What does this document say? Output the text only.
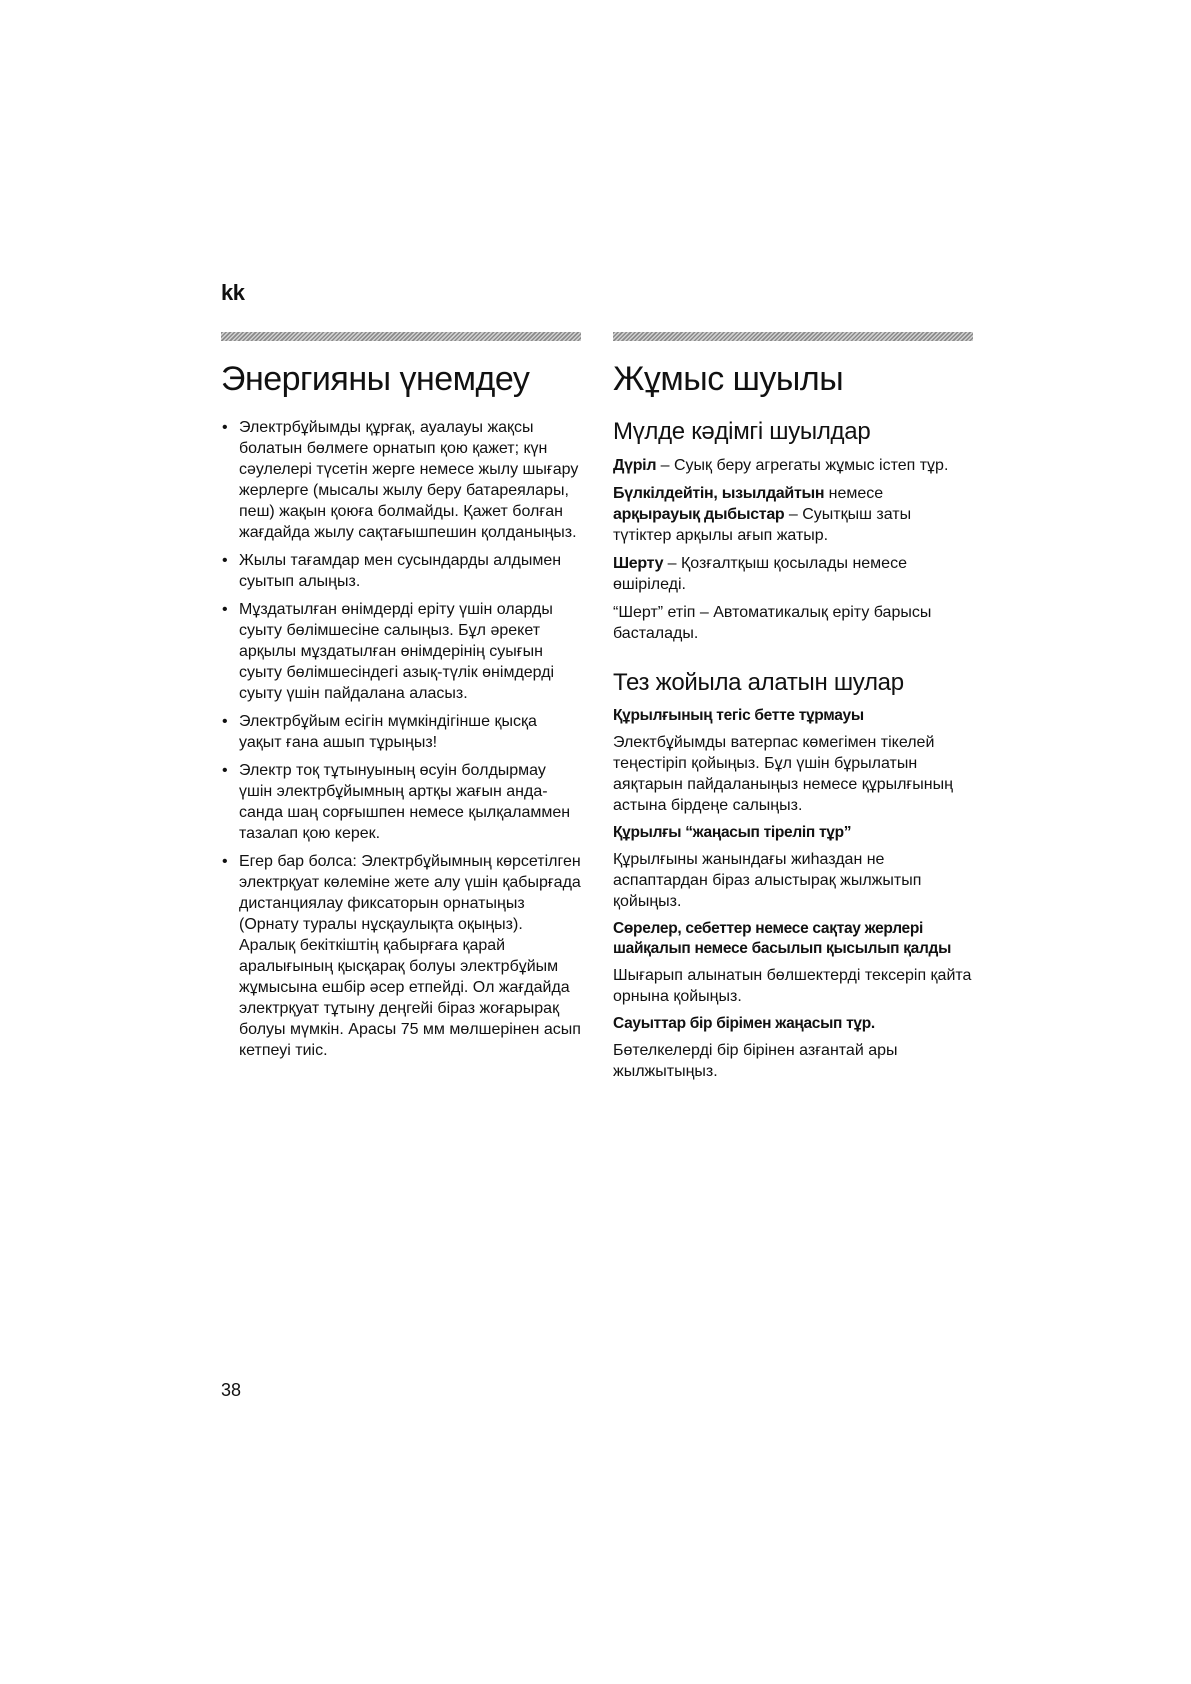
kk
Энергияны үнемдеу
• Электрбұйымды құрғақ, ауалауы жақсы болатын бөлмеге орнатып қою қажет; күн сәулелері түсетін жерге немесе жылу шығару жерлерге (мысалы жылу беру батареялары, пеш) жақын қоюға болмайды. Қажет болған жағдайда жылу сақтағышпешин қолданыңыз.
• Жылы тағамдар мен сусындарды алдымен суытып алыңыз.
• Мұздатылған өнімдерді еріту үшін оларды суыту бөлімшесіне салыңыз. Бұл әрекет арқылы мұздатылған өнімдерінің суығын суыту бөлімшесіндегі азық-түлік өнімдерді суыту үшін пайдалана аласыз.
• Электрбұйым есігін мүмкіндігінше қысқа уақыт ғана ашып тұрыңыз!
• Электр тоқ тұтынуының өсуін болдырмау үшін электрбұйымның артқы жағын анда-санда шаң сорғышпен немесе қылқаламмен тазалап қою керек.
• Егер бар болса: Электрбұйымның көрсетілген электрқуат көлеміне жете алу үшін қабырғада дистанциялау фиксаторын орнатыңыз (Орнату туралы нұсқаулықта оқыңыз). Аралық бекіткіштің қабырғаға қарай аралығының қысқарақ болуы электрбұйым жұмысына ешбір әсер етпейді. Ол жағдайда электрқуат тұтыну деңгейі біраз жоғарырақ болуы мүмкін. Арасы 75 мм мөлшерінен асып кетпеуі тиіс.
Жұмыс шуылы
Мүлде кәдімгі шуылдар

Дүріл – Суық беру агрегаты жұмыс істеп тұр.

Бүлкілдейтін, ызылдайтын немесе арқырауық дыбыстар – Суытқыш заты түтіктер арқылы ағып жатыр.

Шерту – Қозғалтқыш қосылады немесе өшіріледі.

“Шерт” етіп – Автоматикалық еріту барысы басталады.

Тез жойыла алатын шулар
Құрылғының тегіс бетте тұрмауы

Электбұйымды ватерпас көмегімен тікелей теңестіріп қойыңыз. Бұл үшін бұрылатын аяқтарын пайдаланыңыз немесе құрылғының астына бірдеңе салыңыз.

Құрылғы “жаңасып тіреліп тұр”

Құрылғыны жанындағы жиһаздан не аспаптардан біраз алыстырақ жылжытып қойыңыз.

Сөрелер, себеттер немесе сақтау жерлері шайқалып немесе басылып қысылып қалды

Шығарып алынатын бөлшектерді тексеріп қайта орнына қойыңыз.

Сауыттар бір бірімен жаңасып тұр.

Бөтелкелерді бір бірінен азғантай ары жылжытыңыз.

38
